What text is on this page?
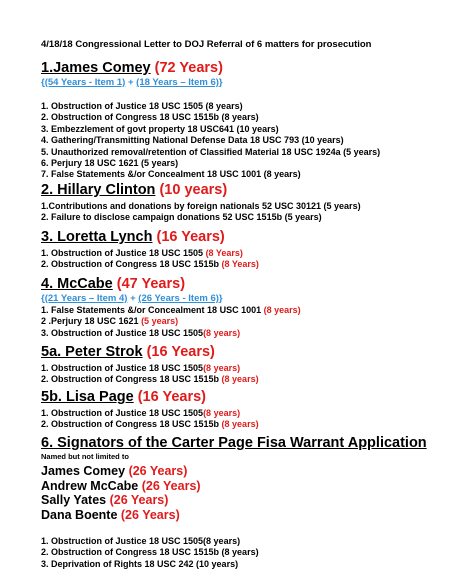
4/18/18 Congressional Letter to DOJ Referral of 6 matters for prosecution
1.James Comey (72 Years)
{(54 Years - Item 1) + (18 Years – Item 6)}
1. Obstruction of Justice 18 USC 1505 (8 years)
2. Obstruction of Congress 18 USC 1515b (8 years)
3. Embezzlement of govt property 18 USC641 (10 years)
4. Gathering/Transmitting National Defense Data 18 USC 793 (10 years)
5. Unauthorized removal/retention of Classified Material 18 USC 1924a (5 years)
6. Perjury 18 USC 1621 (5 years)
7. False Statements &/or Concealment 18 USC 1001 (8 years)
2. Hillary Clinton (10 years)
1.Contributions and donations by foreign nationals 52 USC 30121 (5 years)
2. Failure to disclose campaign donations 52 USC 1515b (5 years)
3. Loretta Lynch (16 Years)
1. Obstruction of Justice 18 USC 1505 (8 Years)
2. Obstruction of Congress 18 USC 1515b (8 Years)
4. McCabe (47 Years)
{(21 Years – Item 4) + (26 Years - Item 6)}
1. False Statements &/or Concealment 18 USC 1001 (8 years)
2 .Perjury 18 USC 1621 (5 years)
3. Obstruction of Justice 18 USC 1505(8 years)
5a. Peter Strok (16 Years)
1. Obstruction of Justice 18 USC 1505(8 years)
2. Obstruction of Congress 18 USC 1515b (8 years)
5b. Lisa Page (16 Years)
1. Obstruction of Justice 18 USC 1505(8 years)
2. Obstruction of Congress 18 USC 1515b (8 years)
6. Signators of the Carter Page Fisa Warrant Application
Named but not limited to
James Comey (26 Years)
Andrew McCabe (26 Years)
Sally Yates (26 Years)
Dana Boente (26 Years)
1. Obstruction of Justice 18 USC 1505(8 years)
2. Obstruction of Congress 18 USC 1515b (8 years)
3. Deprivation of Rights 18 USC 242 (10 years)
